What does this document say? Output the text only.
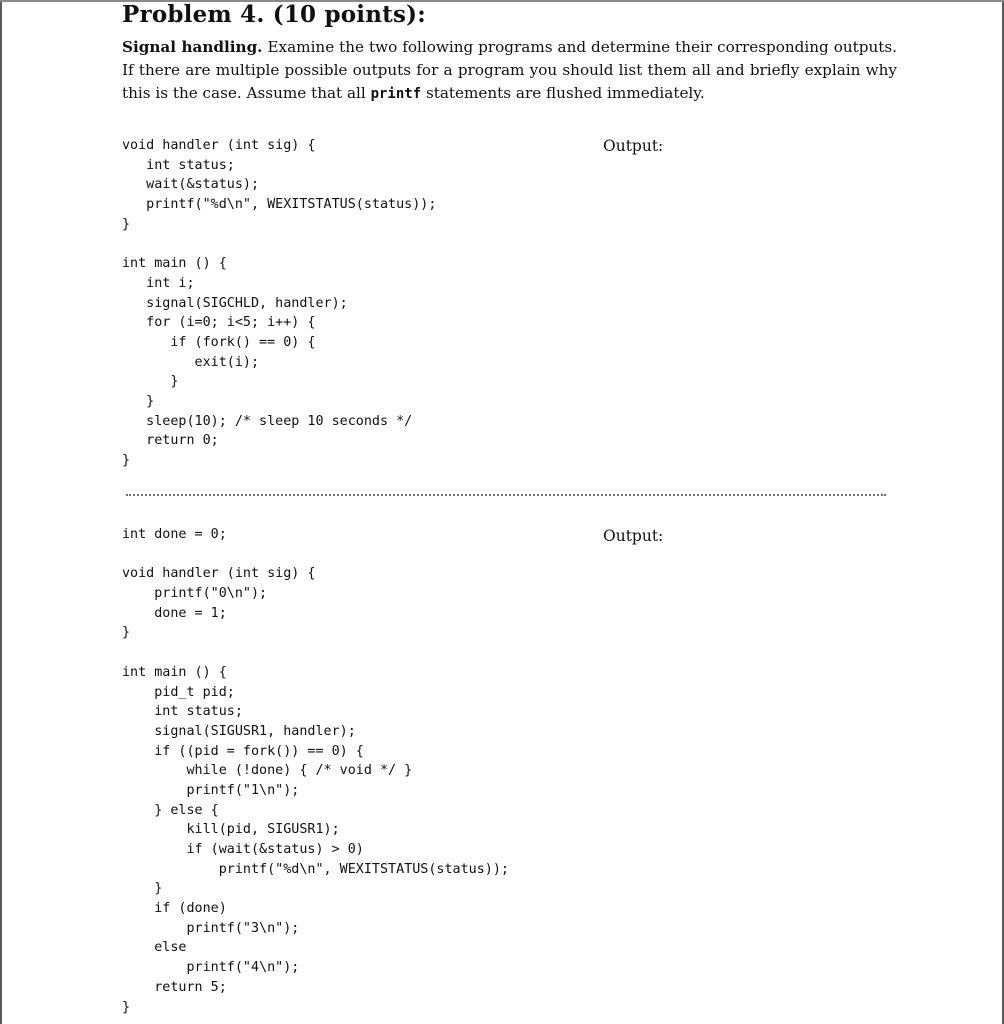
Problem 4. (10 points):
Signal handling. Examine the two following programs and determine their corresponding outputs. If there are multiple possible outputs for a program you should list them all and briefly explain why this is the case. Assume that all printf statements are flushed immediately.
void handler (int sig) {
int status;
wait(&status);
printf("%d\n", WEXITSTATUS(status));
}
int main () {
int i;
signal(SIGCHLD, handler);
for (i=0; i<5; i++) {
if (fork() == 0) {
exit(i);
}
}
sleep(10); /* sleep 10 seconds */
return 0;
}
Output:
int done = 0;
void handler (int sig) {
printf("0\n");
done = 1;
}
int main () {
pid_t pid;
int status;
signal(SIGUSR1, handler);
if ((pid = fork()) == 0) {
while (!done) { /* void */ }
printf("1\n");
} else {
kill(pid, SIGUSR1);
if (wait(&status) > 0)
printf("%d\n", WEXITSTATUS(status));
}
if (done)
printf("3\n");
else
printf("4\n");
return 5;
}
Output:
